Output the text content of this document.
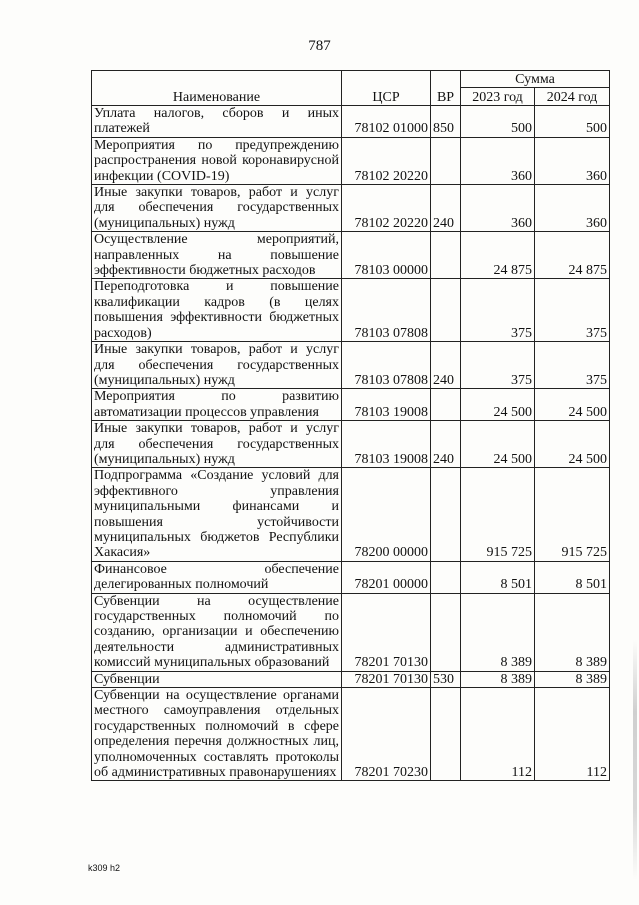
787
Наименование	ЦСР	ВР	Сумма	
			2023 год	2024 год
Уплата налогов, сборов и иных платежей	78102 01000	850	500	500
Мероприятия по предупреждению распространения новой коронавирусной инфекции (COVID-19)	78102 20220		360	360
Иные закупки товаров, работ и услуг для обеспечения государственных (муниципальных) нужд	78102 20220	240	360	360
Осуществление мероприятий, направленных на повышение эффективности бюджетных расходов	78103 00000		24 875	24 875
Переподготовка и повышение квалификации кадров (в целях повышения эффективности бюджетных расходов)	78103 07808		375	375
Иные закупки товаров, работ и услуг для обеспечения государственных (муниципальных) нужд	78103 07808	240	375	375
Мероприятия по развитию автоматизации процессов управления	78103 19008		24 500	24 500
Иные закупки товаров, работ и услуг для обеспечения государственных (муниципальных) нужд	78103 19008	240	24 500	24 500
Подпрограмма «Создание условий для эффективного управления муниципальными финансами и повышения устойчивости муниципальных бюджетов Республики Хакасия»	78200 00000		915 725	915 725
Финансовое обеспечение делегированных полномочий	78201 00000		8 501	8 501
Субвенции на осуществление государственных полномочий по созданию, организации и обеспечению деятельности административных комиссий муниципальных образований	78201 70130		8 389	8 389
Субвенции	78201 70130	530	8 389	8 389
Субвенции на осуществление органами местного самоуправления отдельных государственных полномочий в сфере определения перечня должностных лиц, уполномоченных составлять протоколы об административных правонарушениях	78201 70230		112	112
k309 h2
